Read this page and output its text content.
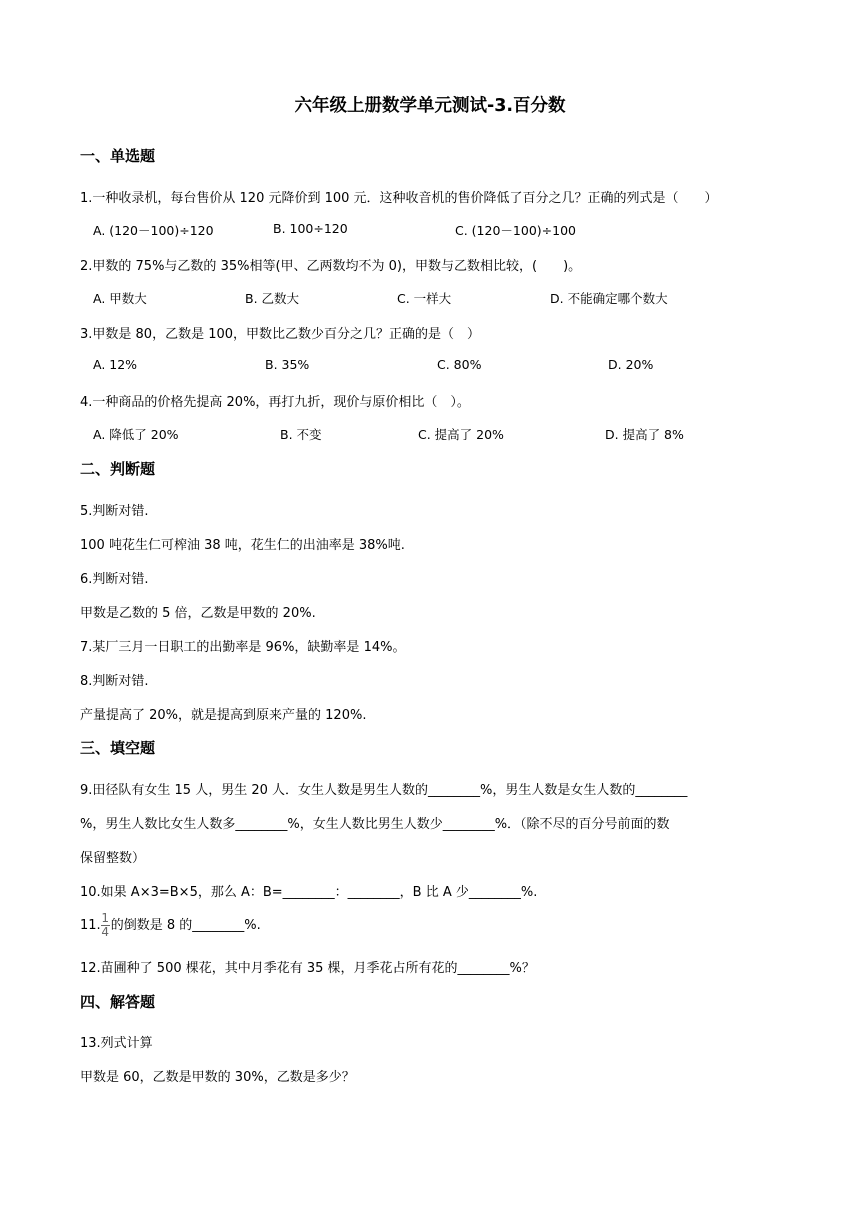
六年级上册数学单元测试-3.百分数
一、单选题
1.一种收录机，每台售价从 120 元降价到 100 元．这种收音机的售价降低了百分之几？正确的列式是（　　）
A. (120－100)÷120	B. 100÷120	C. (120－100)÷100
2.甲数的 75%与乙数的 35%相等(甲、乙两数均不为 0)，甲数与乙数相比较，(　　)。
A. 甲数大	B. 乙数大	C. 一样大	D. 不能确定哪个数大
3.甲数是 80，乙数是 100，甲数比乙数少百分之几？正确的是（　）
A. 12%	B. 35%	C. 80%	D. 20%
4.一种商品的价格先提高 20%，再打九折，现价与原价相比（　）。
A. 降低了 20%	B. 不变	C. 提高了 20%	D. 提高了 8%
二、判断题
5.判断对错.
100 吨花生仁可榨油 38 吨，花生仁的出油率是 38%吨.
6.判断对错.
甲数是乙数的 5 倍，乙数是甲数的 20%.
7.某厂三月一日职工的出勤率是 96%，缺勤率是 14%。
8.判断对错.
产量提高了 20%，就是提高到原来产量的 120%.
三、填空题
9.田径队有女生 15 人，男生 20 人．女生人数是男生人数的________%，男生人数是女生人数的________
%，男生人数比女生人数多________%，女生人数比男生人数少________%．（除不尽的百分号前面的数
保留整数）
10.如果 A×3=B×5，那么 A：B=________：________，B 比 A 少________%.
11. $\frac{1}{4}$ 的倒数是 8 的________%.
12.苗圃种了 500 棵花，其中月季花有 35 棵，月季花占所有花的________%？
四、解答题
13.列式计算
甲数是 60，乙数是甲数的 30%，乙数是多少？
